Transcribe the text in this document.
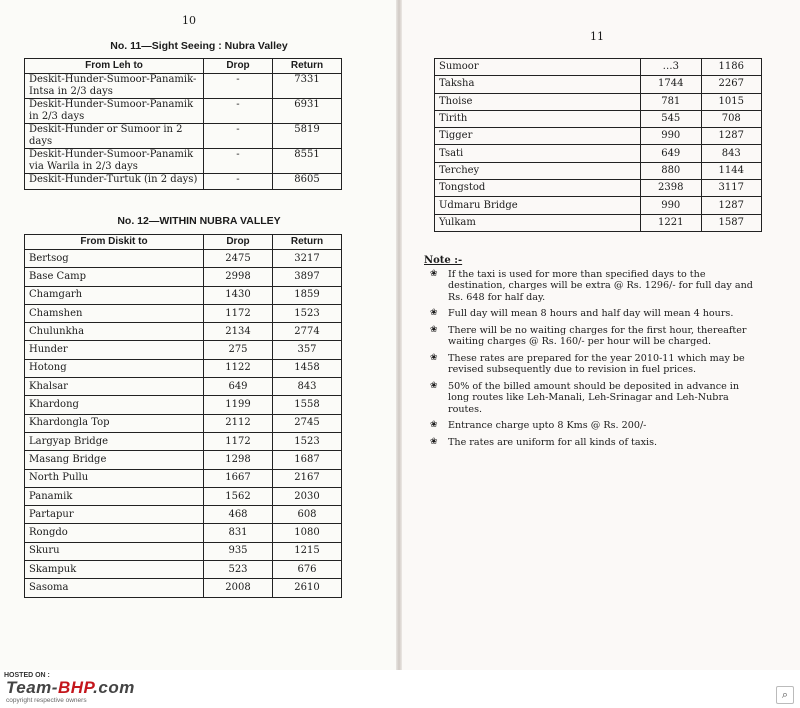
10
11
No. 11—Sight Seeing : Nubra Valley
From Leh to	Drop	Return
Deskit-Hunder-Sumoor-Panamik-Intsa in 2/3 days	-	7331
Deskit-Hunder-Sumoor-Panamik in 2/3 days	-	6931
Deskit-Hunder or Sumoor in 2 days	-	5819
Deskit-Hunder-Sumoor-Panamik via Warila in 2/3 days	-	8551
Deskit-Hunder-Turtuk (in 2 days)	-	8605
No. 12—WITHIN NUBRA VALLEY
From Diskit to	Drop	Return
Bertsog	2475	3217
Base Camp	2998	3897
Chamgarh	1430	1859
Chamshen	1172	1523
Chulunkha	2134	2774
Hunder	275	357
Hotong	1122	1458
Khalsar	649	843
Khardong	1199	1558
Khardongla Top	2112	2745
Largyap Bridge	1172	1523
Masang Bridge	1298	1687
North Pullu	1667	2167
Panamik	1562	2030
Partapur	468	608
Rongdo	831	1080
Skuru	935	1215
Skampuk	523	676
Sasoma	2008	2610
Sumoor	…3	1186
Taksha	1744	2267
Thoise	781	1015
Tirith	545	708
Tigger	990	1287
Tsati	649	843
Terchey	880	1144
Tongstod	2398	3117
Udmaru Bridge	990	1287
Yulkam	1221	1587
Note :-
❀ If the taxi is used for more than specified days to the destination, charges will be extra @ Rs. 1296/- for full day and Rs. 648 for half day.
❀ Full day will mean 8 hours and half day will mean 4 hours.
❀ There will be no waiting charges for the first hour, thereafter waiting charges @ Rs. 160/- per hour will be charged.
❀ These rates are prepared for the year 2010-11 which may be revised subsequently due to revision in fuel prices.
❀ 50% of the billed amount should be deposited in advance in long routes like Leh-Manali, Leh-Srinagar and Leh-Nubra routes.
❀ Entrance charge upto 8 Kms @ Rs. 200/-
❀ The rates are uniform for all kinds of taxis.
HOSTED ON :
Team-BHP.com
copyright respective owners	⌕
